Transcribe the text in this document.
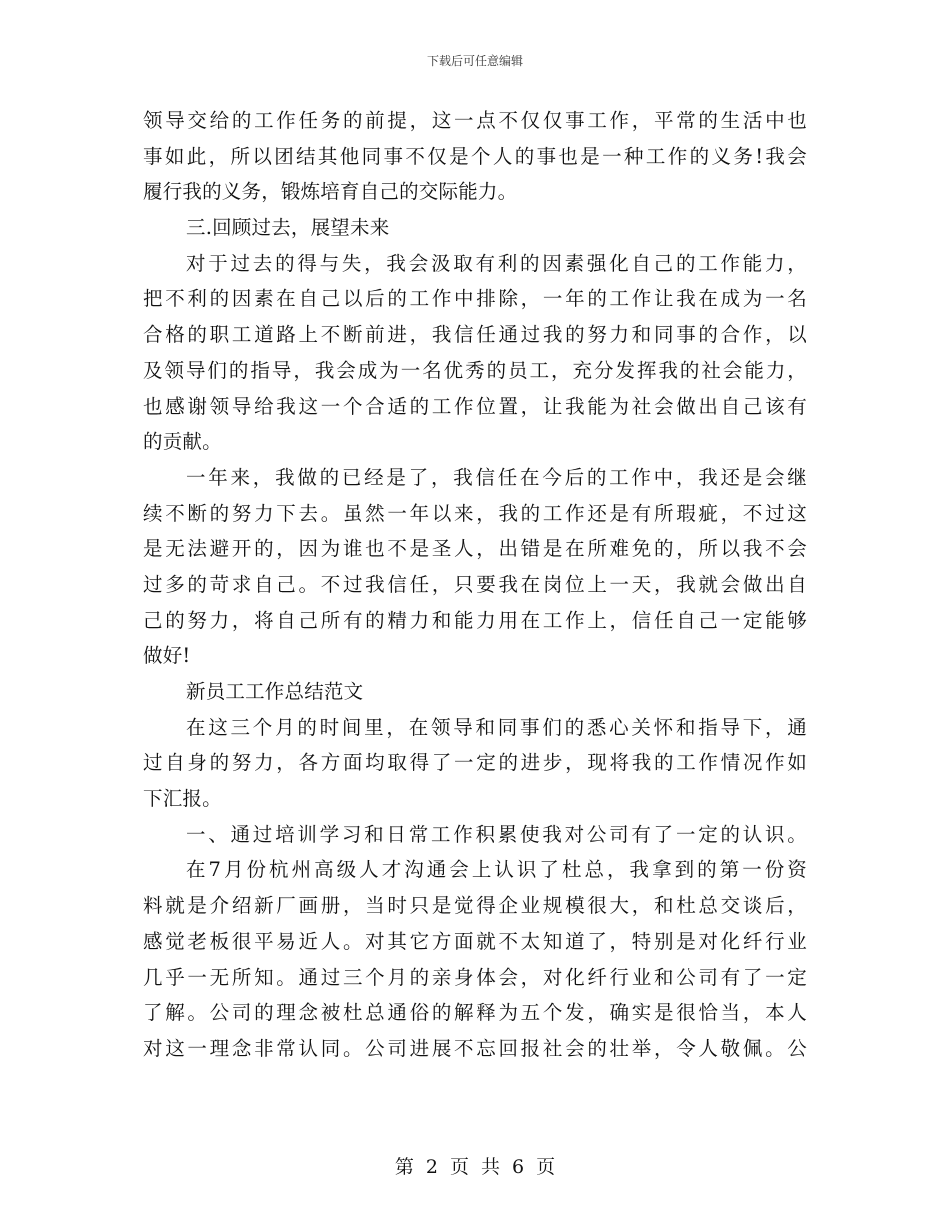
下载后可任意编辑
领导交给的工作任务的前提，这一点不仅仅事工作，平常的生活中也
事如此，所以团结其他同事不仅是个人的事也是一种工作的义务!我会
履行我的义务，锻炼培育自己的交际能力。
三.回顾过去，展望未来
对于过去的得与失，我会汲取有利的因素强化自己的工作能力，
把不利的因素在自己以后的工作中排除，一年的工作让我在成为一名
合格的职工道路上不断前进，我信任通过我的努力和同事的合作，以
及领导们的指导，我会成为一名优秀的员工，充分发挥我的社会能力，
也感谢领导给我这一个合适的工作位置，让我能为社会做出自己该有
的贡献。
一年来，我做的已经是了，我信任在今后的工作中，我还是会继
续不断的努力下去。虽然一年以来，我的工作还是有所瑕疵，不过这
是无法避开的，因为谁也不是圣人，出错是在所难免的，所以我不会
过多的苛求自己。不过我信任，只要我在岗位上一天，我就会做出自
己的努力，将自己所有的精力和能力用在工作上，信任自己一定能够
做好!
新员工工作总结范文
在这三个月的时间里，在领导和同事们的悉心关怀和指导下，通
过自身的努力，各方面均取得了一定的进步，现将我的工作情况作如
下汇报。
一、通过培训学习和日常工作积累使我对公司有了一定的认识。
在7月份杭州高级人才沟通会上认识了杜总，我拿到的第一份资
料就是介绍新厂画册，当时只是觉得企业规模很大，和杜总交谈后，
感觉老板很平易近人。对其它方面就不太知道了，特别是对化纤行业
几乎一无所知。通过三个月的亲身体会，对化纤行业和公司有了一定
了解。公司的理念被杜总通俗的解释为五个发，确实是很恰当，本人
对这一理念非常认同。公司进展不忘回报社会的壮举，令人敬佩。公
第 2 页 共 6 页
